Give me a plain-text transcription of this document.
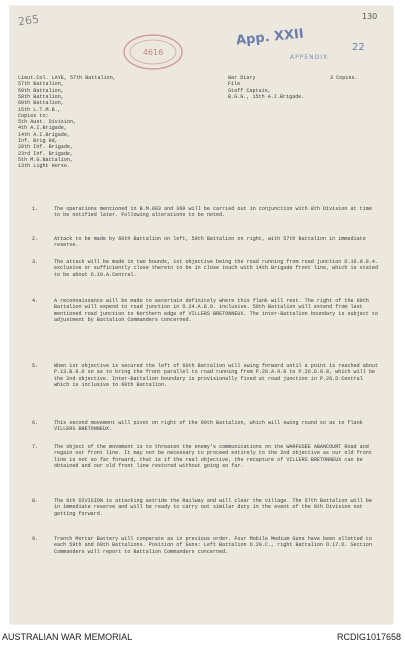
265	130
App. XXII	22
APPENDIX
4616
Lieut.Col. LAYE, 57th Battalion,
57th Battalion,
59th Battalion,
58th Battalion,
60th Battalion,
15th L.T.M.B.,
Copies to:
5th Aust. Division,
4th A.I.Brigade,
14th A.I.Brigade,
Inf. Brig 8d,
20th Inf. Brigade,
23rd Inf. Brigade,
5th M.G.Battalion,
13th Light Horse.
War Diary
File
Staff Captain,
B.G.G., 15th A.I.Brigade.
3 Copies.
1.	The operations mentioned in B.M.883 and 360 will be carried out in conjunction with 8th Division at time to be notified later. Following alterations to be noted.
2.	Attack to be made by 60th Battalion on left, 59th Battalion on right, with 57th Battalion in immediate reserve.
3.	The attack will be made in two bounds, 1st objective being the road running from road junction O.16.d.8.4. exclusive or sufficiently close thereto to be in close touch with 14th Brigade front line, which is stated to be about O.19.A.Central.
4.	A reconnaissance will be made to ascertain definitely where this flank will rest. The right of the 60th Battalion will expend to road junction in O.24.A.8.9. inclusive. 59th Battalion will extend from last mentioned road junction to Northern edge of VILLERS BRETONNEUX. The inter-Battalion boundary is subject to adjustment by Battalion Commanders concerned.
5.	When 1st objective is secured the left of 60th Battalion will swing forward until a point is reached about P.13.B.8.0 so as to bring the front parallel to road running from P.20.A.9.8 to P.26.D.0.8, which will be the 2nd objective. Inter-Battalion boundary is provisionally fixed at road junction in P.26.D.Central which is inclusive to 60th Battalion.
6.	This second movement will pivot on right of the 60th Battalion, which will swing round so as to flank VILLERS BRETONNEUX.
7.	The object of the movement is to threaten the enemy's communications on the WARFUSEE ABANCOURT Road and regain our front line. It may not be necessary to proceed entirely to the 2nd objective as our old front line is not so far forward, that is if the real objective, the recapture of VILLERS BRETONNEUX can be obtained and our old front line restored without going so far.
8.	The 8th DIVISION is attacking astride the Railway and will clear the village. The 57th Battalion will be in immediate reserve and will be ready to carry out similar duty in the event of the 8th Division not getting forward.
9.	Trench Mortar Battery will cooperate as in previous order. Four Mobile Medium Guns have been allotted to each 59th and 60th Battalions. Position of Guns: Left Battalion O.20.C., right Battalion O.17.D. Section Commanders will report to Battalion Commanders concerned.
AUSTRALIAN WAR MEMORIAL	RCDIG1017658
